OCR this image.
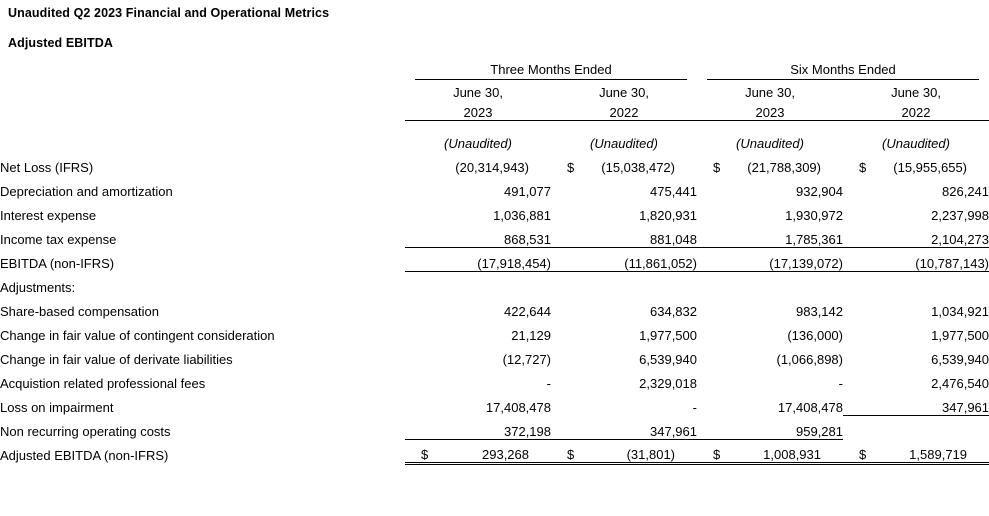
Unaudited Q2 2023 Financial and Operational Metrics
Adjusted EBITDA

	Three Months Ended		Six Months Ended	

	June 30,	June 30,	June 30,	June 30,
	2023	2022	2023	2022

	(Unaudited)	(Unaudited)	(Unaudited)	(Unaudited)
Net Loss (IFRS)	(20,314,943)	$ (15,038,472)	$ (21,788,309)	$ (15,955,655)

Depreciation and amortization	491,077	475,441	932,904	826,241
Interest expense	1,036,881	1,820,931	1,930,972	2,237,998
Income tax expense	868,531	881,048	1,785,361	2,104,273
EBITDA (non-IFRS)	(17,918,454)	(11,861,052)	(17,139,072)	(10,787,143)
Adjustments:				
Share-based compensation	422,644	634,832	983,142	1,034,921
Change in fair value of contingent consideration	21,129	1,977,500	(136,000)	1,977,500
Change in fair value of derivate liabilities	(12,727)	6,539,940	(1,066,898)	6,539,940
Acquistion related professional fees	-	2,329,018	-	2,476,540
Loss on impairment	17,408,478	-	17,408,478	347,961
Non recurring operating costs	372,198	347,961	959,281	
Adjusted EBITDA (non-IFRS)	$ 293,268	$ (31,801)	$ 1,008,931	$ 1,589,719
